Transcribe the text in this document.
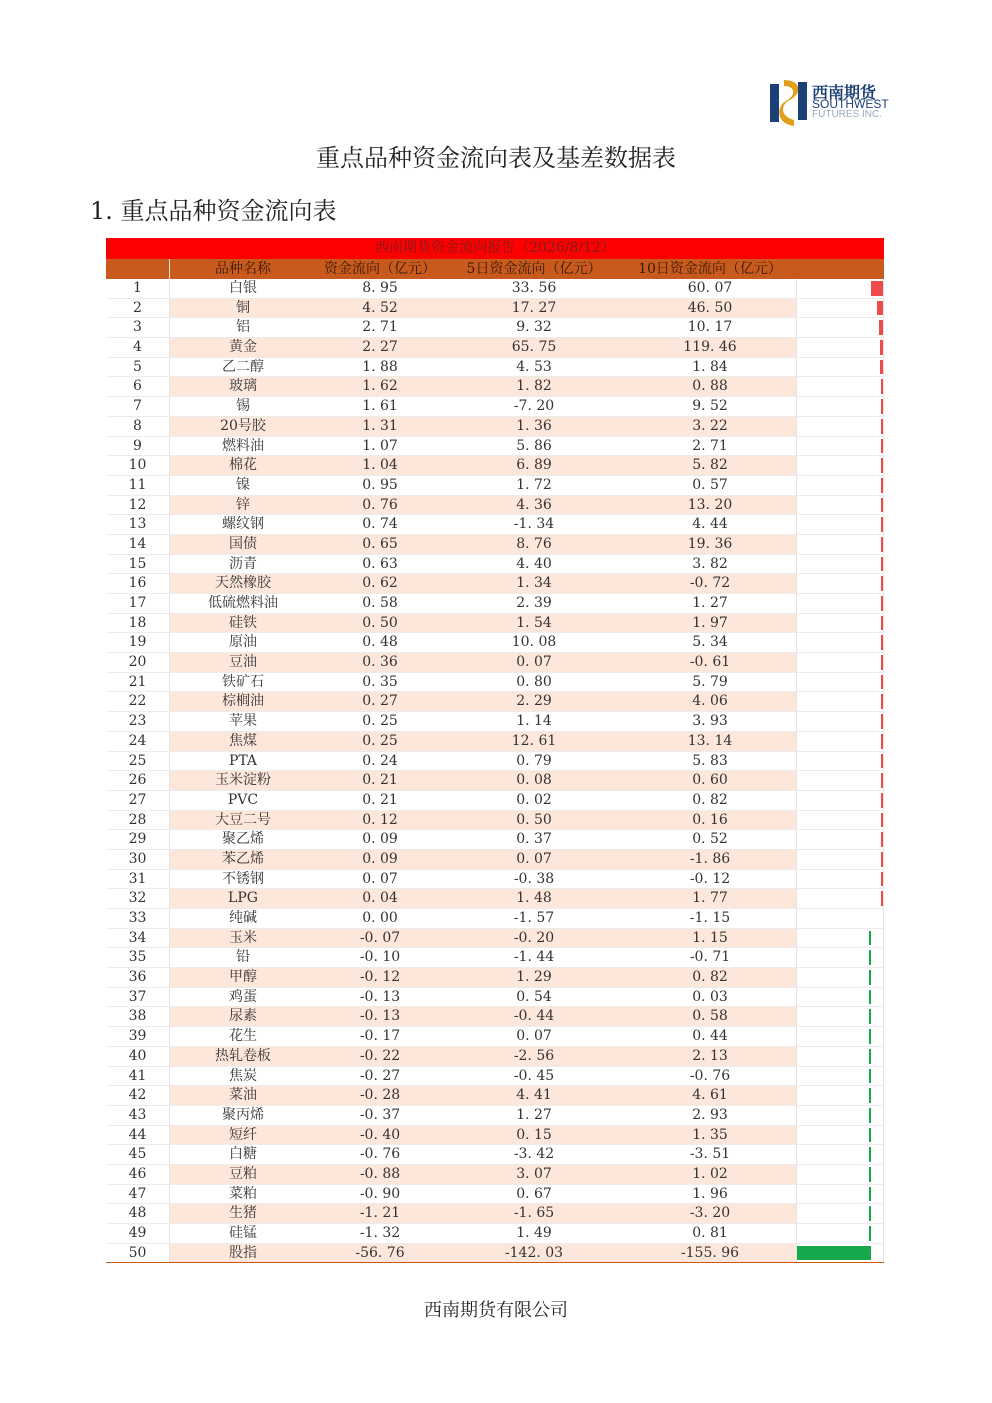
西南期货
SOUTHWEST
FUTURES INC.
重点品种资金流向表及基差数据表
1. 重点品种资金流向表
西南期货资金流向报告（2026/8/12）
品种名称	资金流向（亿元）	5日资金流向（亿元）	10日资金流向（亿元）
1	白银	8. 95	33. 56	60. 07
2	铜	4. 52	17. 27	46. 50
3	铝	2. 71	9. 32	10. 17
4	黄金	2. 27	65. 75	119. 46
5	乙二醇	1. 88	4. 53	1. 84
6	玻璃	1. 62	1. 82	0. 88
7	锡	1. 61	-7. 20	9. 52
8	20号胶	1. 31	1. 36	3. 22
9	燃料油	1. 07	5. 86	2. 71
10	棉花	1. 04	6. 89	5. 82
11	镍	0. 95	1. 72	0. 57
12	锌	0. 76	4. 36	13. 20
13	螺纹钢	0. 74	-1. 34	4. 44
14	国债	0. 65	8. 76	19. 36
15	沥青	0. 63	4. 40	3. 82
16	天然橡胶	0. 62	1. 34	-0. 72
17	低硫燃料油	0. 58	2. 39	1. 27
18	硅铁	0. 50	1. 54	1. 97
19	原油	0. 48	10. 08	5. 34
20	豆油	0. 36	0. 07	-0. 61
21	铁矿石	0. 35	0. 80	5. 79
22	棕榈油	0. 27	2. 29	4. 06
23	苹果	0. 25	1. 14	3. 93
24	焦煤	0. 25	12. 61	13. 14
25	PTA	0. 24	0. 79	5. 83
26	玉米淀粉	0. 21	0. 08	0. 60
27	PVC	0. 21	0. 02	0. 82
28	大豆二号	0. 12	0. 50	0. 16
29	聚乙烯	0. 09	0. 37	0. 52
30	苯乙烯	0. 09	0. 07	-1. 86
31	不锈钢	0. 07	-0. 38	-0. 12
32	LPG	0. 04	1. 48	1. 77
33	纯碱	0. 00	-1. 57	-1. 15
34	玉米	-0. 07	-0. 20	1. 15
35	铅	-0. 10	-1. 44	-0. 71
36	甲醇	-0. 12	1. 29	0. 82
37	鸡蛋	-0. 13	0. 54	0. 03
38	尿素	-0. 13	-0. 44	0. 58
39	花生	-0. 17	0. 07	0. 44
40	热轧卷板	-0. 22	-2. 56	2. 13
41	焦炭	-0. 27	-0. 45	-0. 76
42	菜油	-0. 28	4. 41	4. 61
43	聚丙烯	-0. 37	1. 27	2. 93
44	短纤	-0. 40	0. 15	1. 35
45	白糖	-0. 76	-3. 42	-3. 51
46	豆粕	-0. 88	3. 07	1. 02
47	菜粕	-0. 90	0. 67	1. 96
48	生猪	-1. 21	-1. 65	-3. 20
49	硅锰	-1. 32	1. 49	0. 81
50	股指	-56. 76	-142. 03	-155. 96
西南期货有限公司
